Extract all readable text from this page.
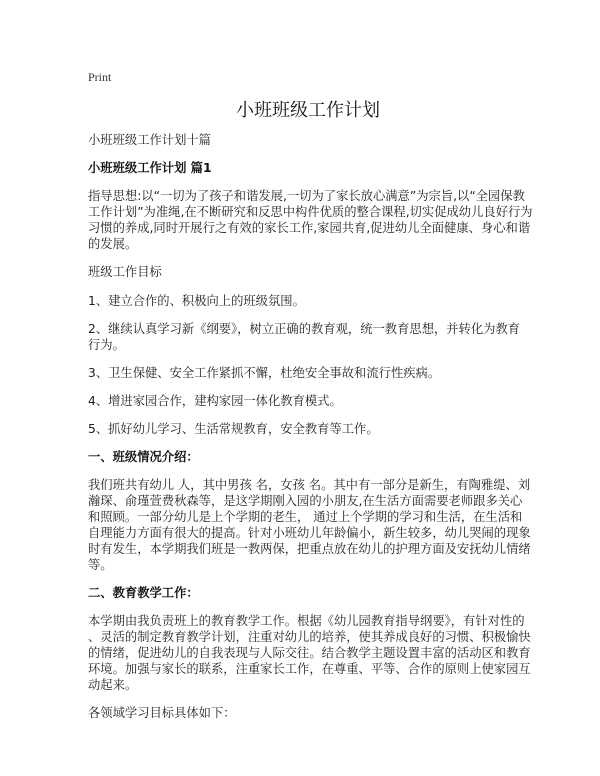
Print
小班班级工作计划

小班班级工作计划十篇

小班班级工作计划 篇1

指导思想:以“一切为了孩子和谐发展,一切为了家长放心满意”为宗旨,以“全园保教
工作计划”为准绳,在不断研究和反思中构件优质的整合课程,切实促成幼儿良好行为
习惯的养成,同时开展行之有效的家长工作,家园共育,促进幼儿全面健康、身心和谐
的发展。

班级工作目标

1、建立合作的、积极向上的班级氛围。

2、继续认真学习新《纲要》，树立正确的教育观，统一教育思想，并转化为教育
行为。

3、卫生保健、安全工作紧抓不懈，杜绝安全事故和流行性疾病。

4、增进家园合作，建构家园一体化教育模式。

5、抓好幼儿学习、生活常规教育，安全教育等工作。

一、班级情况介绍：

我们班共有幼儿 人，其中男孩 名，女孩 名。其中有一部分是新生，有陶雅缇、刘
瀚琛、俞瑾萱费秋森等，是这学期刚入园的小朋友,在生活方面需要老师跟多关心
和照顾。一部分幼儿是上个学期的老生， 通过上个学期的学习和生活，在生活和
自理能力方面有很大的提高。针对小班幼儿年龄偏小，新生较多，幼儿哭闹的现象
时有发生，本学期我们班是一教两保，把重点放在幼儿的护理方面及安抚幼儿情绪
等。

二、教育教学工作：

本学期由我负责班上的教育教学工作。根据《幼儿园教育指导纲要》，有针对性的
、灵活的制定教育教学计划，注重对幼儿的培养，使其养成良好的习惯、积极愉快
的情绪，促进幼儿的自我表现与人际交往。结合教学主题设置丰富的活动区和教育
环境。加强与家长的联系，注重家长工作，在尊重、平等、合作的原则上使家园互
动起来。

各领域学习目标具体如下：
